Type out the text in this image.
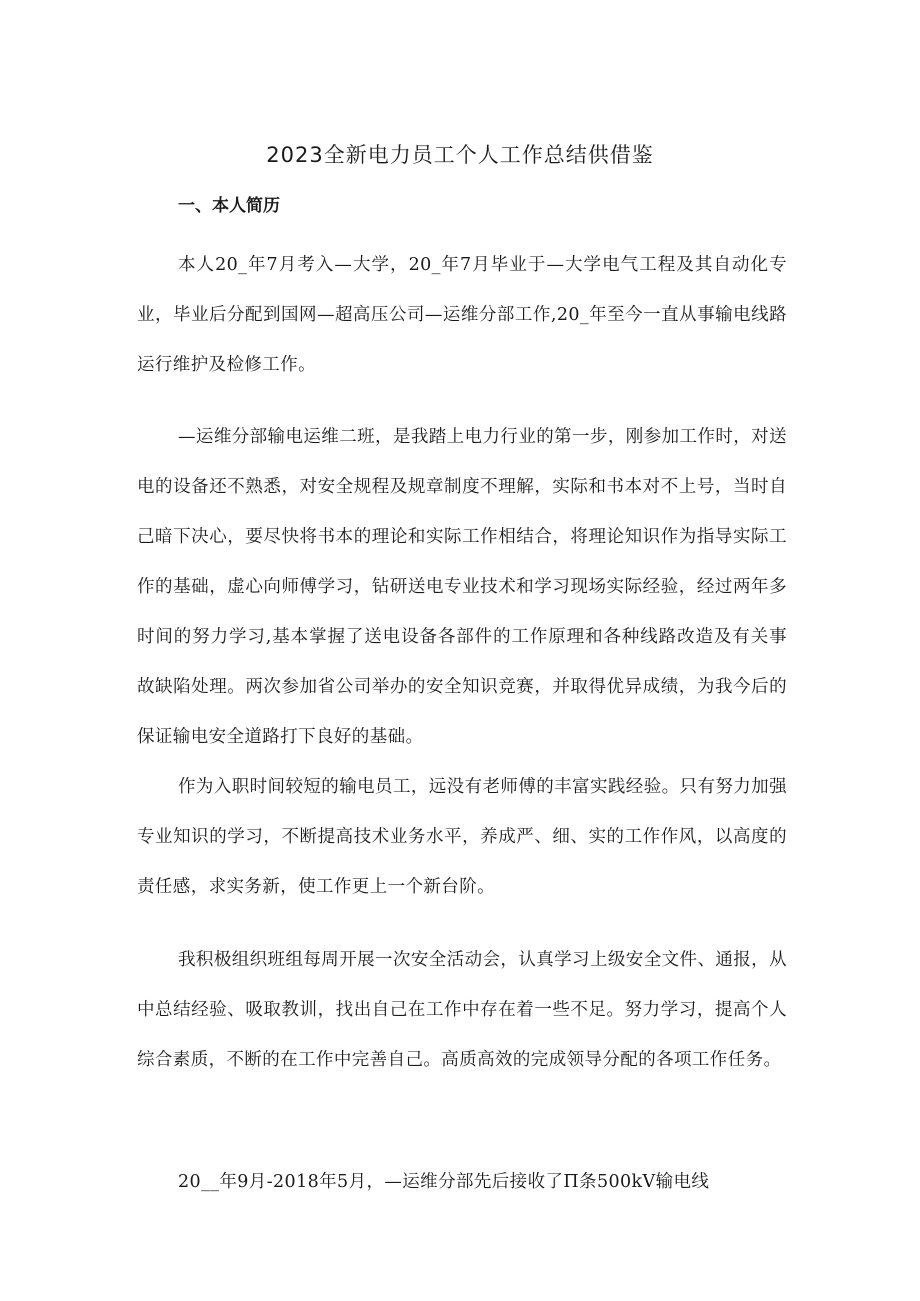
2023全新电力员工个人工作总结供借鉴
一、本人简历

本人20_年7月考入—大学，20_年7月毕业于—大学电气工程及其自动化专业，毕业后分配到国网—超高压公司—运维分部工作,20_年至今一直从事输电线路运行维护及检修工作。

—运维分部输电运维二班，是我踏上电力行业的第一步，刚参加工作时，对送电的设备还不熟悉，对安全规程及规章制度不理解，实际和书本对不上号，当时自己暗下决心，要尽快将书本的理论和实际工作相结合，将理论知识作为指导实际工作的基础，虚心向师傅学习，钻研送电专业技术和学习现场实际经验，经过两年多时间的努力学习,基本掌握了送电设备各部件的工作原理和各种线路改造及有关事故缺陷处理。两次参加省公司举办的安全知识竞赛，并取得优异成绩，为我今后的保证输电安全道路打下良好的基础。

作为入职时间较短的输电员工，远没有老师傅的丰富实践经验。只有努力加强专业知识的学习，不断提高技术业务水平，养成严、细、实的工作作风，以高度的责任感，求实务新，使工作更上一个新台阶。

我积极组织班组每周开展一次安全活动会，认真学习上级安全文件、通报，从中总结经验、吸取教训，找出自己在工作中存在着一些不足。努力学习，提高个人综合素质，不断的在工作中完善自己。高质高效的完成领导分配的各项工作任务。

20__年9月-2018年5月，—运维分部先后接收了Π条500kV输电线
